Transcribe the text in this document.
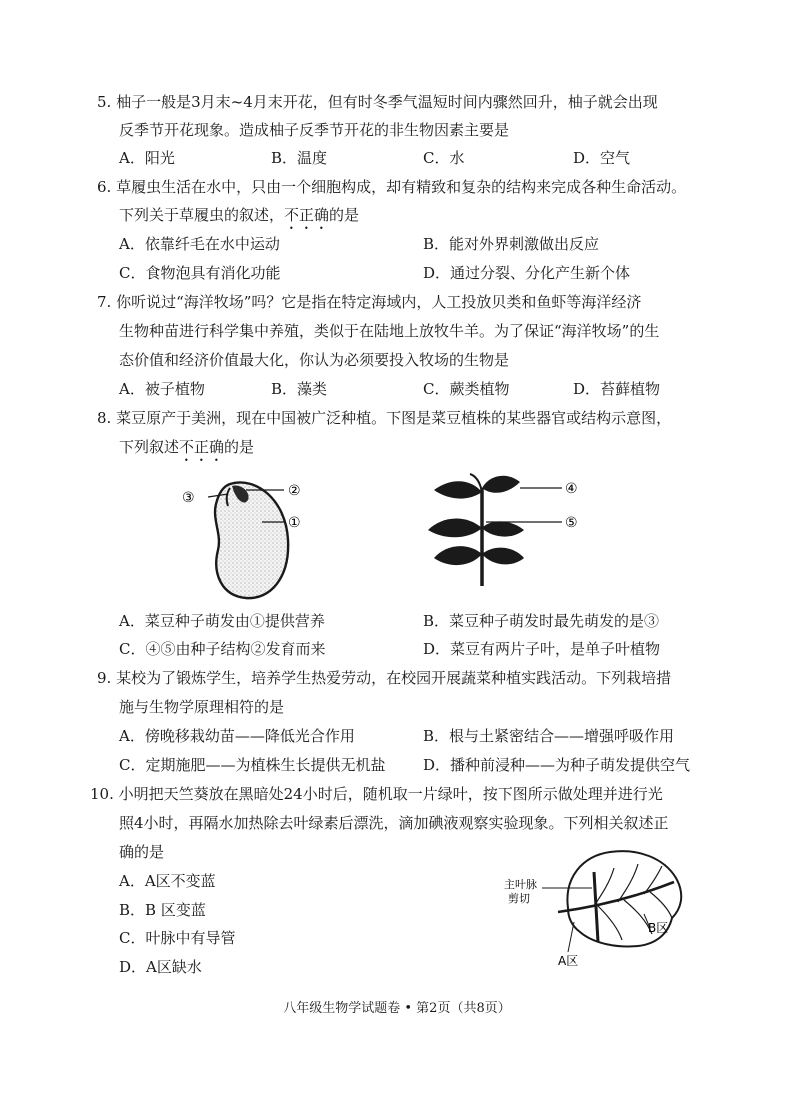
5. 柚子一般是3月末~4月末开花，但有时冬季气温短时间内骤然回升，柚子就会出现
反季节开花现象。造成柚子反季节开花的非生物因素主要是
A．阳光	B．温度	C．水	D．空气
6. 草履虫生活在水中，只由一个细胞构成，却有精致和复杂的结构来完成各种生命活动。
下列关于草履虫的叙述，不正确的是
A．依靠纤毛在水中运动	B．能对外界刺激做出反应
C．食物泡具有消化功能	D．通过分裂、分化产生新个体
7. 你听说过“海洋牧场”吗？它是指在特定海域内，人工投放贝类和鱼虾等海洋经济
生物种苗进行科学集中养殖，类似于在陆地上放牧牛羊。为了保证“海洋牧场”的生
态价值和经济价值最大化，你认为必须要投入牧场的生物是
A．被子植物	B．藻类	C．蕨类植物	D．苔藓植物
8. 菜豆原产于美洲，现在中国被广泛种植。下图是菜豆植株的某些器官或结构示意图，
下列叙述不正确的是
③	②
①
④
⑤
A．菜豆种子萌发由①提供营养	B．菜豆种子萌发时最先萌发的是③
C．④⑤由种子结构②发育而来	D．菜豆有两片子叶，是单子叶植物
9. 某校为了锻炼学生，培养学生热爱劳动，在校园开展蔬菜种植实践活动。下列栽培措
施与生物学原理相符的是
A．傍晚移栽幼苗——降低光合作用	B．根与土紧密结合——增强呼吸作用
C．定期施肥——为植株生长提供无机盐	D．播种前浸种——为种子萌发提供空气
10. 小明把天竺葵放在黑暗处24小时后，随机取一片绿叶，按下图所示做处理并进行光
照4小时，再隔水加热除去叶绿素后漂洗，滴加碘液观察实验现象。下列相关叙述正
确的是
A．A区不变蓝
B．B 区变蓝
C．叶脉中有导管
D．A区缺水
主叶脉
剪切
A区
B区
八年级生物学试题卷 • 第2页（共8页）
